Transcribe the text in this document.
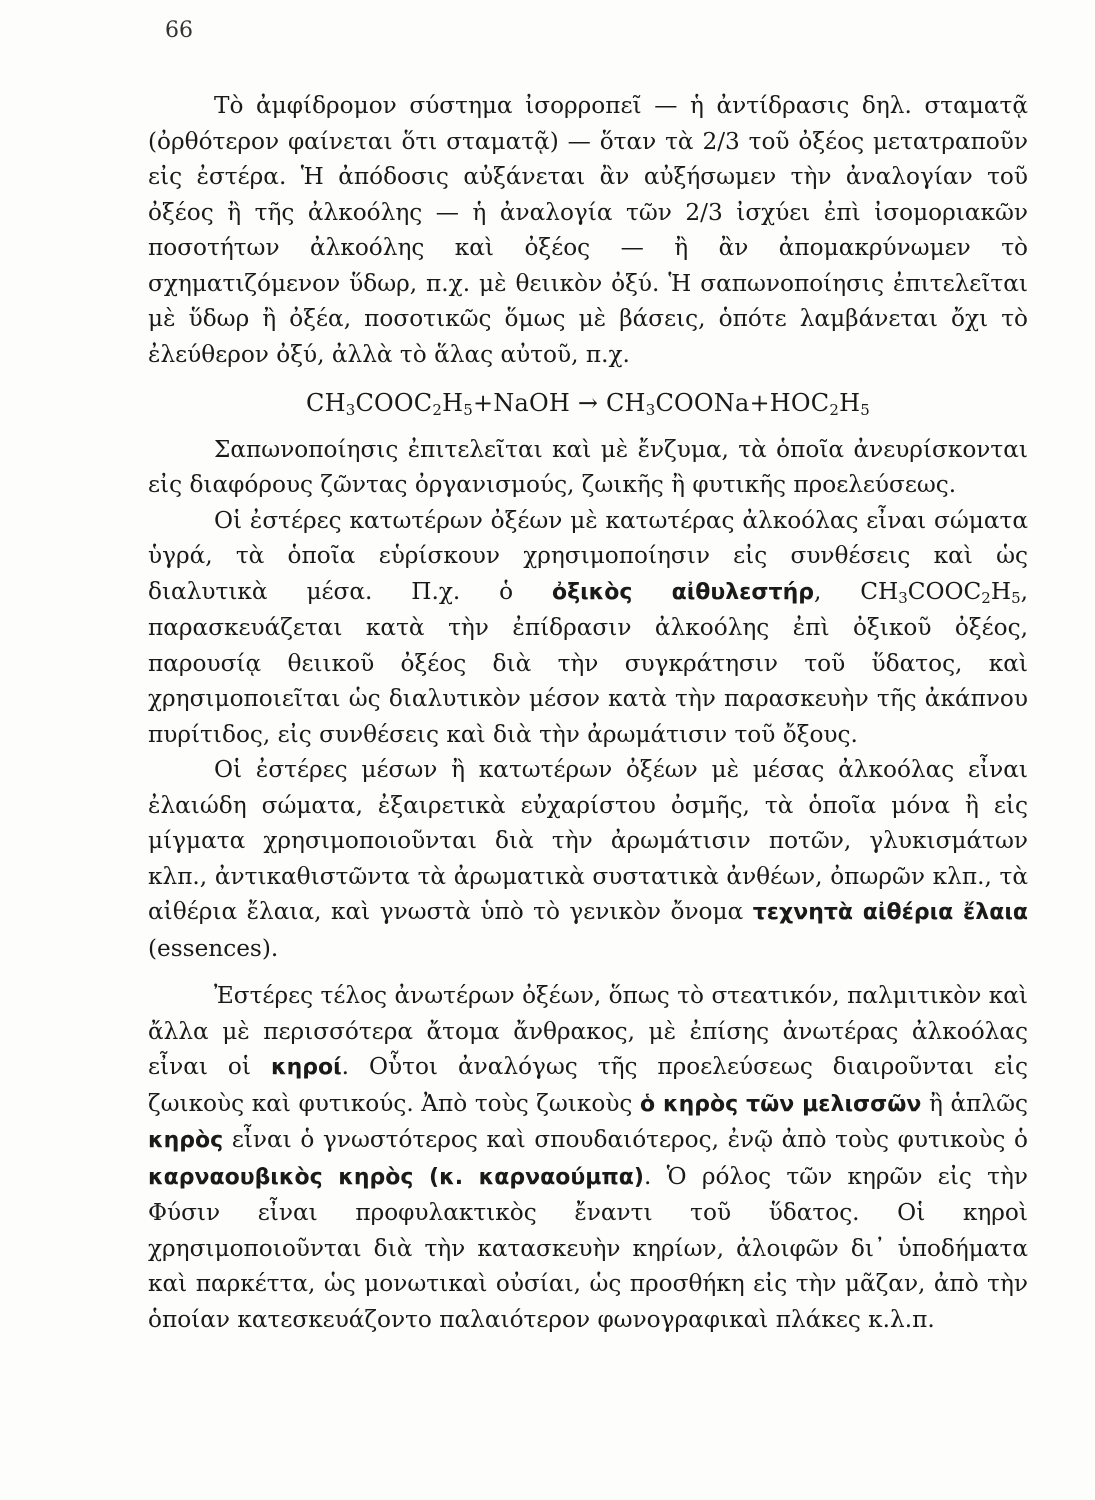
66

Τὸ ἀμφίδρομον σύστημα ἰσορροπεῖ — ἡ ἀντίδρασις δηλ. σταματᾷ (ὀρθότερον φαίνεται ὅτι σταματᾷ) — ὅταν τὰ 2/3 τοῦ ὀξέος μετατραποῦν εἰς ἐστέρα. Ἡ ἀπόδοσις αὐξάνεται ἂν αὐξήσωμεν τὴν ἀναλογίαν τοῦ ὀξέος ἢ τῆς ἀλκοόλης — ἡ ἀναλογία τῶν 2/3 ἰσχύει ἐπὶ ἰσομοριακῶν ποσοτήτων ἀλκοόλης καὶ ὀξέος — ἢ ἂν ἀπομακρύνωμεν τὸ σχηματιζόμενον ὕδωρ, π.χ. μὲ θειικὸν ὀξύ. Ἡ σαπωνοποίησις ἐπιτελεῖται μὲ ὕδωρ ἢ ὀξέα, ποσοτικῶς ὅμως μὲ βάσεις, ὁπότε λαμβάνεται ὄχι τὸ ἐλεύθερον ὀξύ, ἀλλὰ τὸ ἅλας αὐτοῦ, π.χ.

$CH_3COOC_2H_5+NaOH$ → $CH_3COONa+HOC_2H_5$

Σαπωνοποίησις ἐπιτελεῖται καὶ μὲ ἔνζυμα, τὰ ὁποῖα ἀνευρίσκονται εἰς διαφόρους ζῶντας ὀργανισμούς, ζωικῆς ἢ φυτικῆς προελεύσεως.

Οἱ ἐστέρες κατωτέρων ὀξέων μὲ κατωτέρας ἀλκοόλας εἶναι σώματα ὑγρά, τὰ ὁποῖα εὑρίσκουν χρησιμοποίησιν εἰς συνθέσεις καὶ ὡς διαλυτικὰ μέσα. Π.χ. ὁ ὀξικὸς αἰθυλεστήρ, $CH_3COOC_2H_5$, παρασκευάζεται κατὰ τὴν ἐπίδρασιν ἀλκοόλης ἐπὶ ὀξικοῦ ὀξέος, παρουσίᾳ θειικοῦ ὀξέος διὰ τὴν συγκράτησιν τοῦ ὕδατος, καὶ χρησιμοποιεῖται ὡς διαλυτικὸν μέσον κατὰ τὴν παρασκευὴν τῆς ἀκάπνου πυρίτιδος, εἰς συνθέσεις καὶ διὰ τὴν ἀρωμάτισιν τοῦ ὄξους.

Οἱ ἐστέρες μέσων ἢ κατωτέρων ὀξέων μὲ μέσας ἀλκοόλας εἶναι ἐλαιώδη σώματα, ἐξαιρετικὰ εὐχαρίστου ὀσμῆς, τὰ ὁποῖα μόνα ἢ εἰς μίγματα χρησιμοποιοῦνται διὰ τὴν ἀρωμάτισιν ποτῶν, γλυκισμάτων κλπ., ἀντικαθιστῶντα τὰ ἀρωματικὰ συστατικὰ ἀνθέων, ὀπωρῶν κλπ., τὰ αἰθέρια ἔλαια, καὶ γνωστὰ ὑπὸ τὸ γενικὸν ὄνομα τεχνητὰ αἰθέρια ἔλαια (essences).

Ἐστέρες τέλος ἀνωτέρων ὀξέων, ὅπως τὸ στεατικόν, παλμιτικὸν καὶ ἄλλα μὲ περισσότερα ἄτομα ἄνθρακος, μὲ ἐπίσης ἀνωτέρας ἀλκοόλας εἶναι οἱ κηροί. Οὗτοι ἀναλόγως τῆς προελεύσεως διαιροῦνται εἰς ζωικοὺς καὶ φυτικούς. Ἀπὸ τοὺς ζωικοὺς ὁ κηρὸς τῶν μελισσῶν ἢ ἁπλῶς κηρὸς εἶναι ὁ γνωστότερος καὶ σπουδαιότερος, ἐνῷ ἀπὸ τοὺς φυτικοὺς ὁ καρναουβικὸς κηρὸς (κ. καρναούμπα). Ὁ ρόλος τῶν κηρῶν εἰς τὴν Φύσιν εἶναι προφυλακτικὸς ἔναντι τοῦ ὕδατος. Οἱ κηροὶ χρησιμοποιοῦνται διὰ τὴν κατασκευὴν κηρίων, ἀλοιφῶν δι᾽ ὑποδήματα καὶ παρκέττα, ὡς μονωτικαὶ οὐσίαι, ὡς προσθήκη εἰς τὴν μᾶζαν, ἀπὸ τὴν ὁποίαν κατεσκευάζοντο παλαιότερον φωνογραφικαὶ πλάκες κ.λ.π.
